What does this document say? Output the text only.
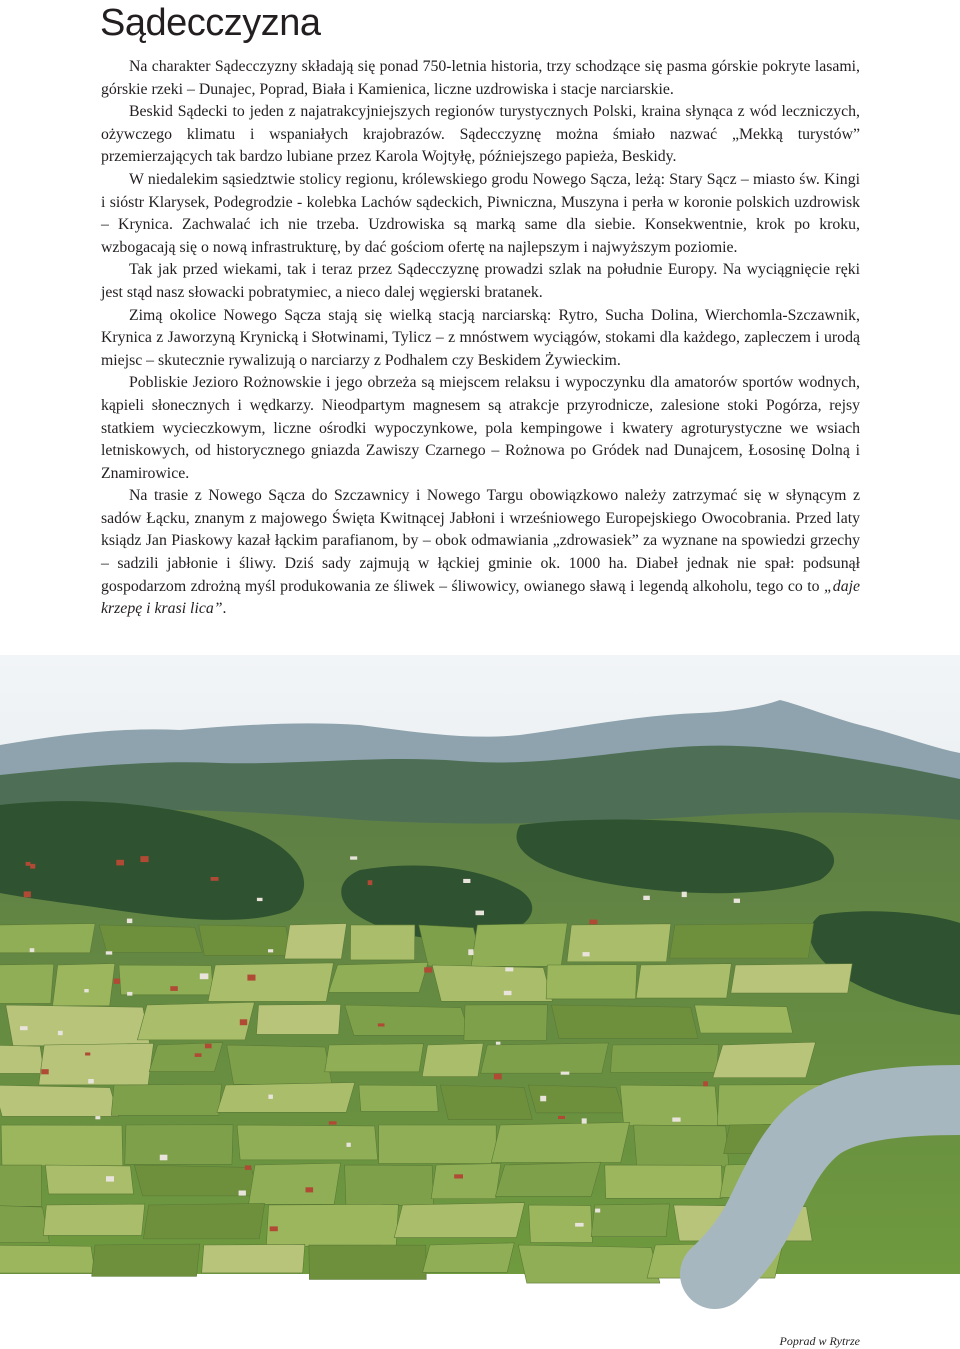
Sądecczyzna

Na charakter Sądecczyzny składają się ponad 750-letnia historia, trzy schodzące się pasma górskie pokryte lasami, górskie rzeki – Dunajec, Poprad, Biała i Kamienica, liczne uzdrowiska i stacje narciarskie.

Beskid Sądecki to jeden z najatrakcyjniejszych regionów turystycznych Polski, kraina słynąca z wód leczniczych, ożywczego klimatu i wspaniałych krajobrazów. Sądecczyznę można śmiało nazwać „Mekką turystów” przemierzających tak bardzo lubiane przez Karola Wojtyłę, późniejszego papieża, Beskidy.

W niedalekim sąsiedztwie stolicy regionu, królewskiego grodu Nowego Sącza, leżą: Stary Sącz – miasto św. Kingi i sióstr Klarysek, Podegrodzie - kolebka Lachów sądeckich, Piwniczna, Muszyna i perła w koronie polskich uzdrowisk – Krynica. Zachwalać ich nie trzeba. Uzdrowiska są marką same dla siebie. Konsekwentnie, krok po kroku, wzbogacają się o nową infrastrukturę, by dać gościom ofertę na najlepszym i najwyższym poziomie.

Tak jak przed wiekami, tak i teraz przez Sądecczyznę prowadzi szlak na południe Europy. Na wyciągnięcie ręki jest stąd nasz słowacki pobratymiec, a nieco dalej węgierski bratanek.

Zimą okolice Nowego Sącza stają się wielką stacją narciarską: Rytro, Sucha Dolina, Wierchomla-Szczawnik, Krynica z Jaworzyną Krynicką i Słotwinami, Tylicz – z mnóstwem wyciągów, stokami dla każdego, zapleczem i urodą miejsc – skutecznie rywalizują o narciarzy z Podhalem czy Beskidem Żywieckim.

Pobliskie Jezioro Rożnowskie i jego obrzeża są miejscem relaksu i wypoczynku dla amatorów sportów wodnych, kąpieli słonecznych i wędkarzy. Nieodpartym magnesem są atrakcje przyrodnicze, zalesione stoki Pogórza, rejsy statkiem wycieczkowym, liczne ośrodki wypoczynkowe, pola kempingowe i kwatery agroturystyczne we wsiach letniskowych, od historycznego gniazda Zawiszy Czarnego – Rożnowa po Gródek nad Dunajcem, Łososinę Dolną i Znamirowice.

Na trasie z Nowego Sącza do Szczawnicy i Nowego Targu obowiązkowo należy zatrzymać się w słynącym z sadów Łącku, znanym z majowego Święta Kwitnącej Jabłoni i wrześniowego Europejskiego Owocobrania. Przed laty ksiądz Jan Piaskowy kazał łąckim parafianom, by – obok odmawiania „zdrowasiek” za wyznane na spowiedzi grzechy – sadzili jabłonie i śliwy. Dziś sady zajmują w łąckiej gminie ok. 1000 ha. Diabeł jednak nie spał: podsunął gospodarzom zdrożną myśl produkowania ze śliwek – śliwowicy, owianego sławą i legendą alkoholu, tego co to „daje krzepę i krasi lica”.

Poprad w Rytrze
